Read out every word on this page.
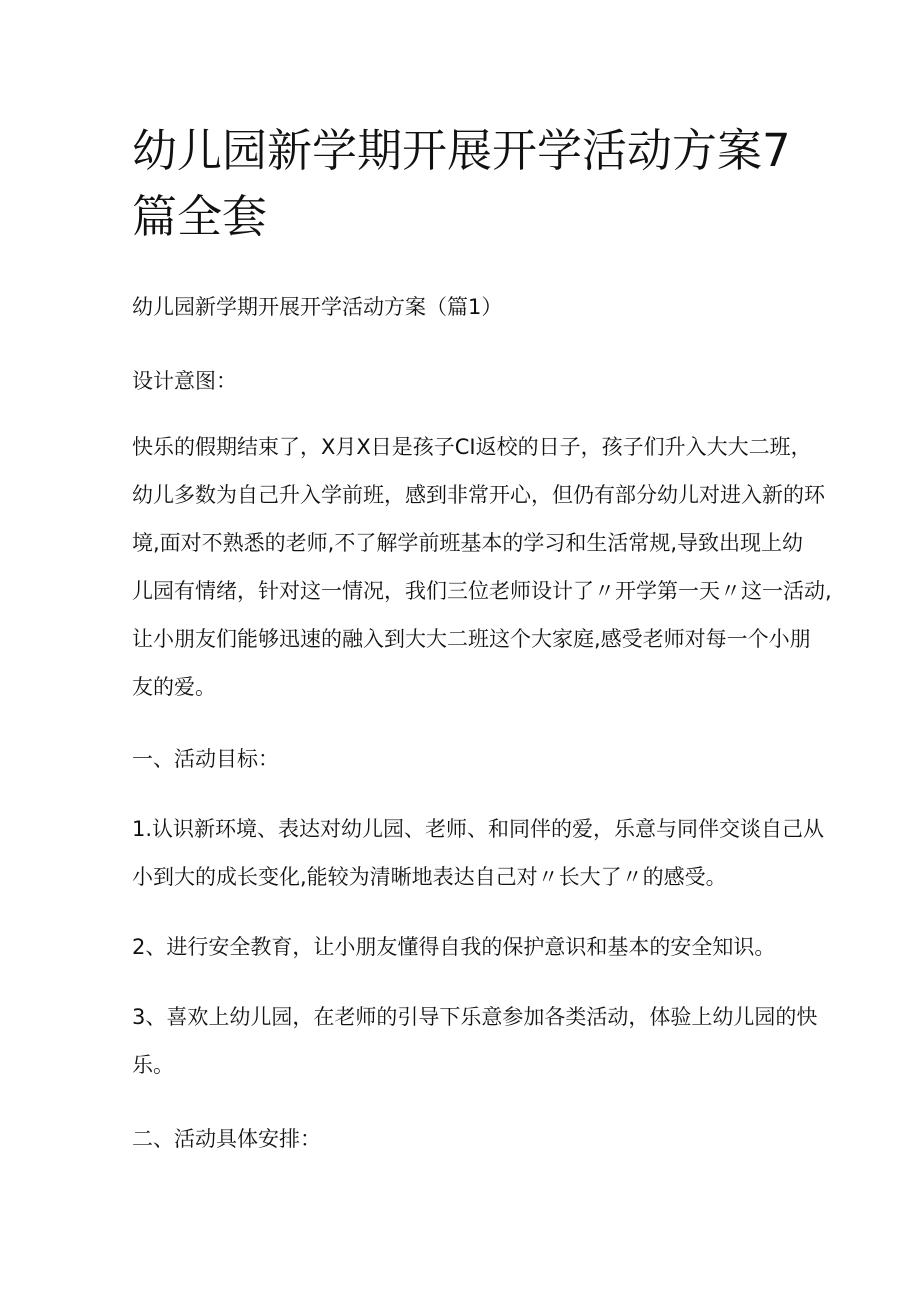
幼儿园新学期开展开学活动方案7篇全套

幼儿园新学期开展开学活动方案（篇1）

设计意图：

快乐的假期结束了，X月X日是孩子CI返校的日子，孩子们升入大大二班，

幼儿多数为自己升入学前班，感到非常开心，但仍有部分幼儿对进入新的环

境,面对不熟悉的老师,不了解学前班基本的学习和生活常规,导致出现上幼

儿园有情绪，针对这一情况，我们三位老师设计了〃开学第一天〃这一活动,

让小朋友们能够迅速的融入到大大二班这个大家庭,感受老师对每一个小朋

友的爱。

一、活动目标：

1.认识新环境、表达对幼儿园、老师、和同伴的爱，乐意与同伴交谈自己从

小到大的成长变化,能较为清晰地表达自己对〃长大了〃的感受。

2、进行安全教育，让小朋友懂得自我的保护意识和基本的安全知识。

3、喜欢上幼儿园，在老师的引导下乐意参加各类活动，体验上幼儿园的快

乐。

二、活动具体安排：
